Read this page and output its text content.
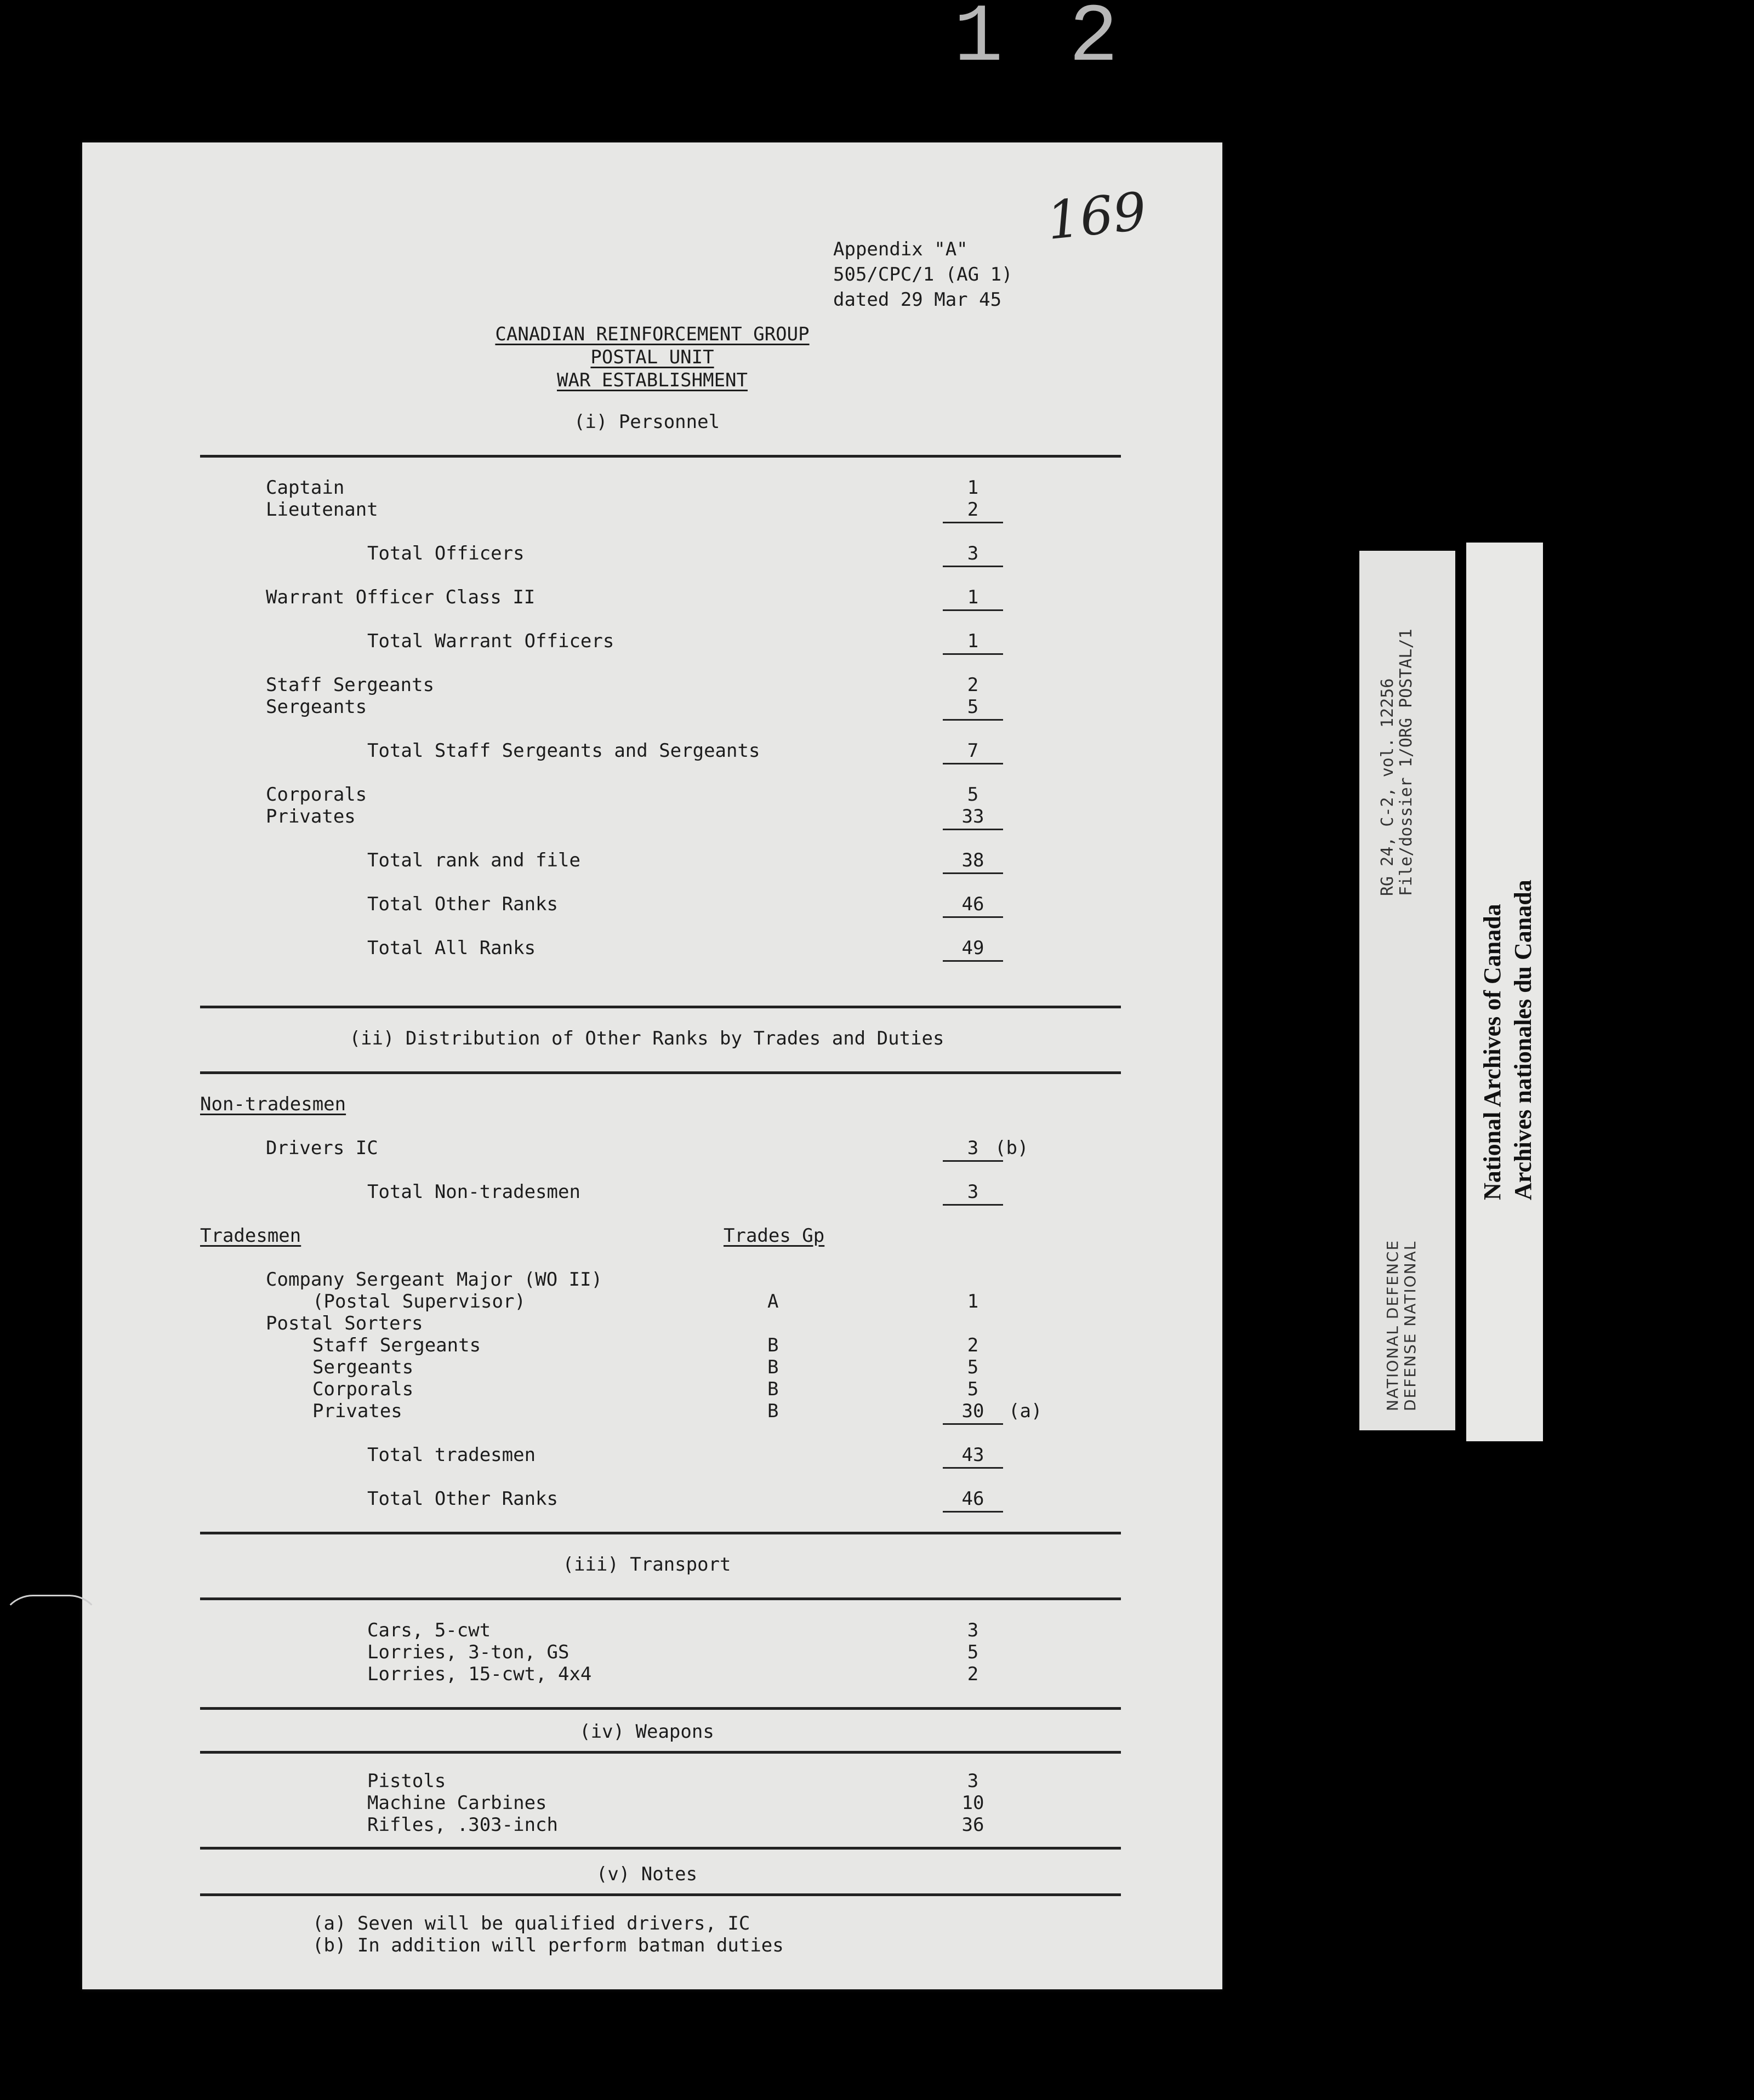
12
169
Appendix "A"
505/CPC/1 (AG 1)
dated 29 Mar 45
CANADIAN REINFORCEMENT GROUP
POSTAL UNIT
WAR ESTABLISHMENT
(i) Personnel
Captain	1
Lieutenant	2
Total Officers	3
Warrant Officer Class II	1
Total Warrant Officers	1
Staff Sergeants	2
Sergeants	5
Total Staff Sergeants and Sergeants	7
Corporals	5
Privates	33
Total rank and file	38
Total Other Ranks	46
Total All Ranks	49
(ii) Distribution of Other Ranks by Trades and Duties
Non-tradesmen
Drivers IC	3 (b)
Total Non-tradesmen	3
Tradesmen	Trades Gp
Company Sergeant Major (WO II)
(Postal Supervisor)	A	1
Postal Sorters
Staff Sergeants	B	2
Sergeants	B	5
Corporals	B	5
Privates	B	30	(a)
Total tradesmen	43
Total Other Ranks	46
(iii) Transport
Cars, 5-cwt	3
Lorries, 3-ton, GS	5
Lorries, 15-cwt, 4x4	2
(iv) Weapons
Pistols	3
Machine Carbines	10
Rifles, .303-inch	36
(v) Notes
(a) Seven will be qualified drivers, IC
(b) In addition will perform batman duties
RG 24, C-2, vol. 12256 File/dossier 1/ORG POSTAL/1
NATIONAL DEFENCE DEFENSE NATIONAL
National Archives of Canada Archives nationales du Canada
